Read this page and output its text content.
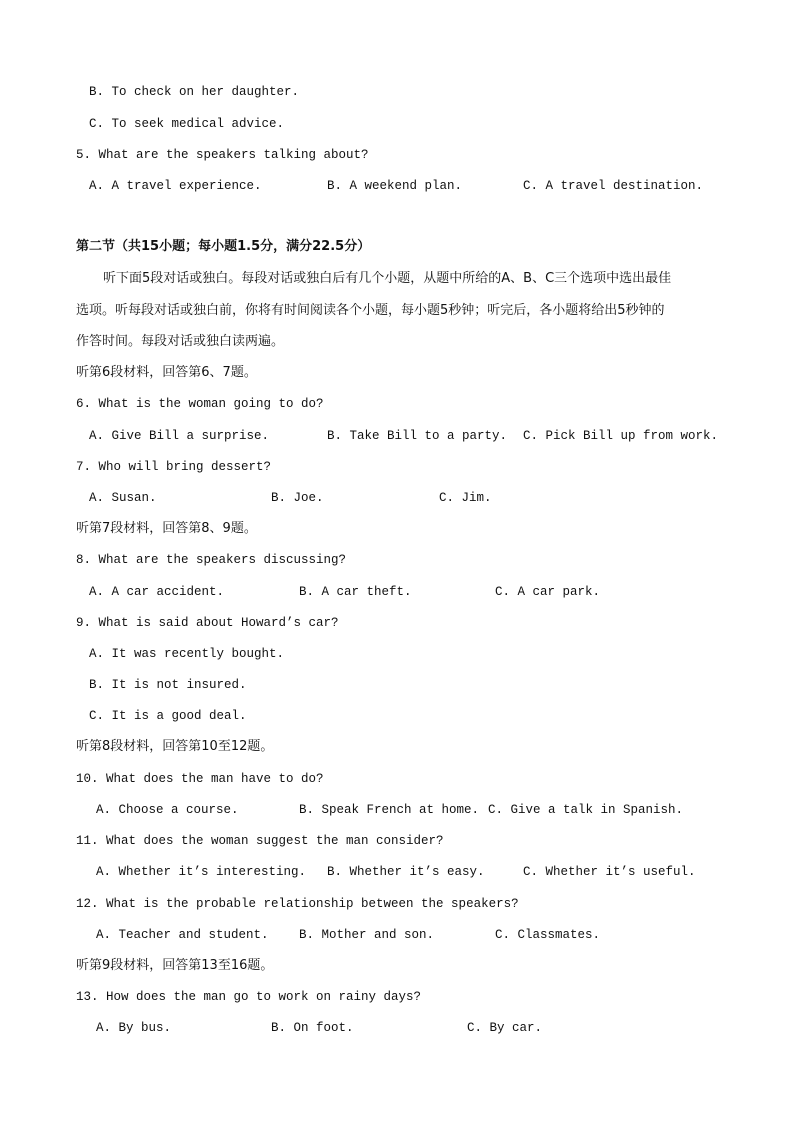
B. To check on her daughter.
C. To seek medical advice.
5. What are the speakers talking about?
A. A travel experience.	B. A weekend plan.	C. A travel destination.
第二节（共15小题；每小题1.5分，满分22.5分）
听下面5段对话或独白。每段对话或独白后有几个小题，从题中所给的A、B、C三个选项中选出最佳
选项。听每段对话或独白前，你将有时间阅读各个小题，每小题5秒钟；听完后，各小题将给出5秒钟的
作答时间。每段对话或独白读两遍。
听第6段材料，回答第6、7题。
6. What is the woman going to do?
A. Give Bill a surprise.	B. Take Bill to a party. C. Pick Bill up from work.
7. Who will bring dessert?
A. Susan.	B. Joe.	C. Jim.
听第7段材料，回答第8、9题。
8. What are the speakers discussing?
A. A car accident.	B. A car theft.	C. A car park.
9. What is said about Howard’s car?
A. It was recently bought.
B. It is not insured.
C. It is a good deal.
听第8段材料，回答第10至12题。
10. What does the man have to do?
A. Choose a course.	B. Speak French at home. C. Give a talk in Spanish.
11. What does the woman suggest the man consider?
A. Whether it’s interesting. B. Whether it’s easy.	C. Whether it’s useful.
12. What is the probable relationship between the speakers?
A. Teacher and student. B. Mother and son.	C. Classmates.
听第9段材料，回答第13至16题。
13. How does the man go to work on rainy days?
A. By bus.	B. On foot.	C. By car.
